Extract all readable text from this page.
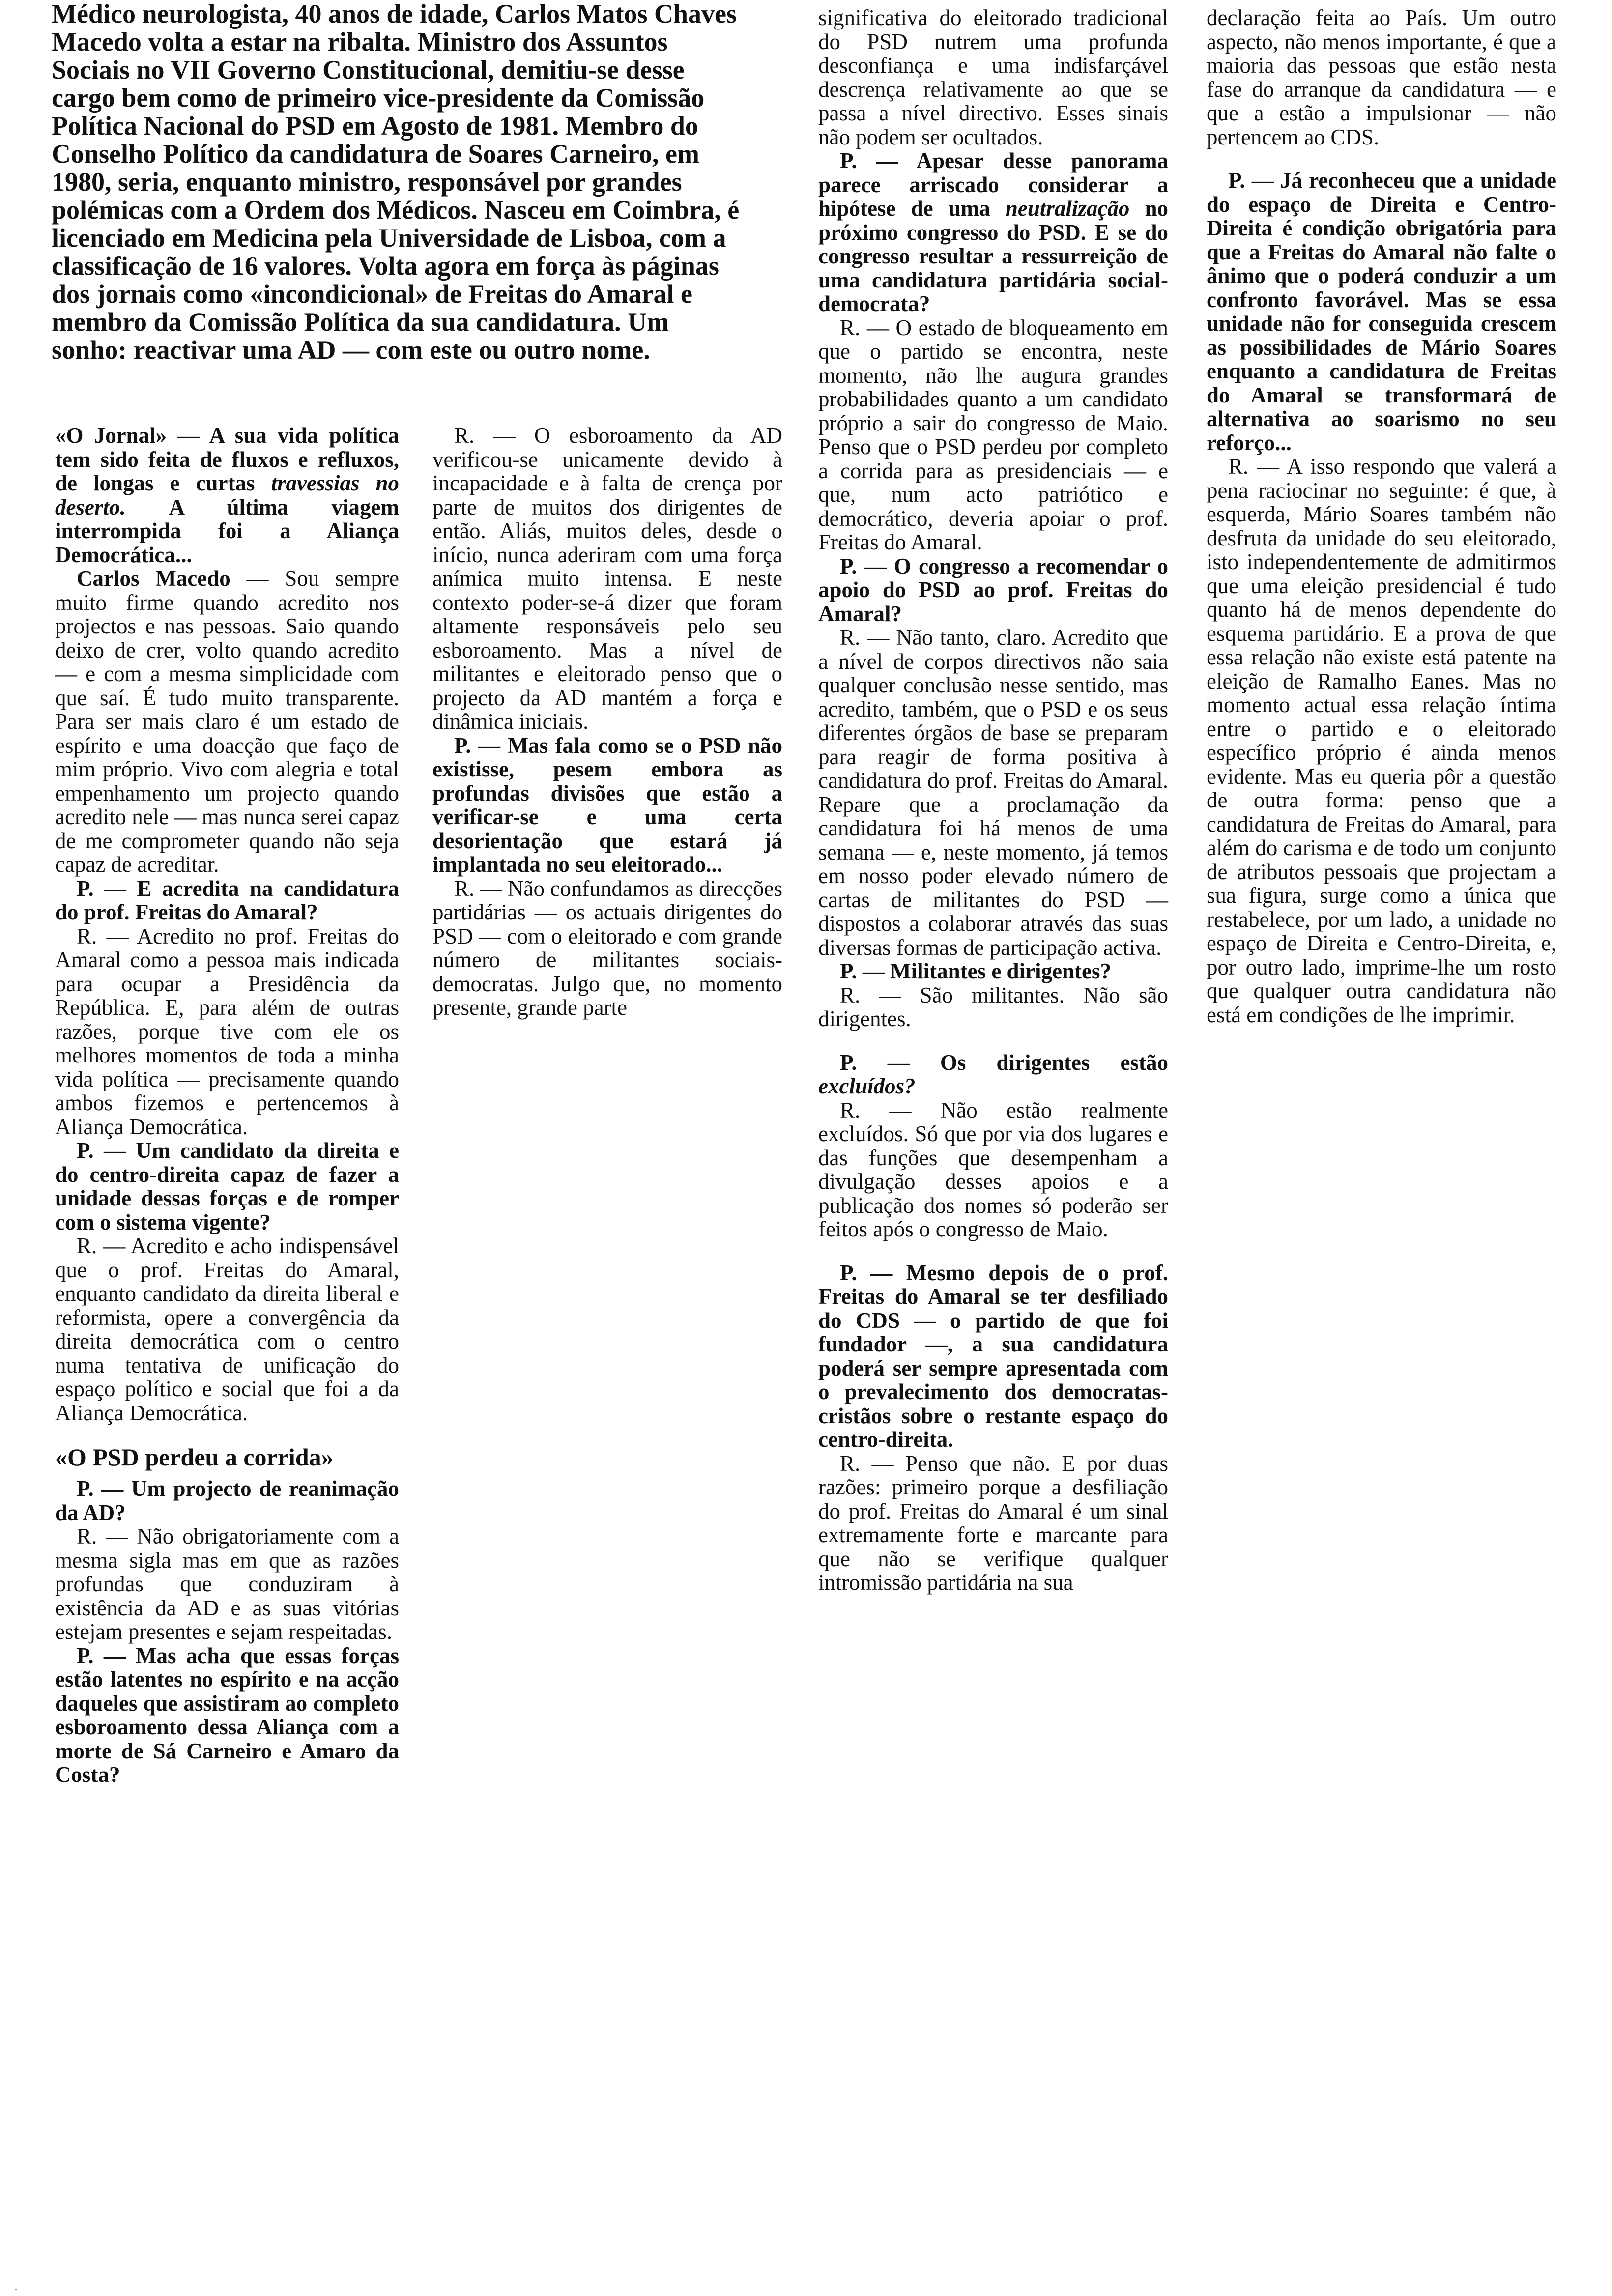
Médico neurologista, 40 anos de idade, Carlos Matos Chaves Macedo volta a estar na ribalta. Ministro dos Assuntos Sociais no VII Governo Constitucional, demitiu-se desse cargo bem como de primeiro vice-presidente da Comissão Política Nacional do PSD em Agosto de 1981. Membro do Conselho Político da candidatura de Soares Carneiro, em 1980, seria, enquanto ministro, responsável por grandes polémicas com a Ordem dos Médicos. Nasceu em Coimbra, é licenciado em Medicina pela Universidade de Lisboa, com a classificação de 16 valores. Volta agora em força às páginas dos jornais como «incondicional» de Freitas do Amaral e membro da Comissão Política da sua candidatura. Um sonho: reactivar uma AD — com este ou outro nome.

«O Jornal» — A sua vida política tem sido feita de fluxos e refluxos, de longas e curtas travessias no deserto. A última viagem interrompida foi a Aliança Democrática...

Carlos Macedo — Sou sempre muito firme quando acredito nos projectos e nas pessoas. Saio quando deixo de crer, volto quando acredito — e com a mesma simplicidade com que saí. É tudo muito transparente. Para ser mais claro é um estado de espírito e uma doacção que faço de mim próprio. Vivo com alegria e total empenhamento um projecto quando acredito nele — mas nunca serei capaz de me comprometer quando não seja capaz de acreditar.

P. — E acredita na candidatura do prof. Freitas do Amaral?

R. — Acredito no prof. Freitas do Amaral como a pessoa mais indicada para ocupar a Presidência da República. E, para além de outras razões, porque tive com ele os melhores momentos de toda a minha vida política — precisamente quando ambos fizemos e pertencemos à Aliança Democrática.

P. — Um candidato da direita e do centro-direita capaz de fazer a unidade dessas forças e de romper com o sistema vigente?

R. — Acredito e acho indispensável que o prof. Freitas do Amaral, enquanto candidato da direita liberal e reformista, opere a convergência da direita democrática com o centro numa tentativa de unificação do espaço político e social que foi a da Aliança Democrática.

«O PSD perdeu a corrida»

P. — Um projecto de reanimação da AD?

R. — Não obrigatoriamente com a mesma sigla mas em que as razões profundas que conduziram à existência da AD e as suas vitórias estejam presentes e sejam respeitadas.

P. — Mas acha que essas forças estão latentes no espírito e na acção daqueles que assistiram ao completo esboroamento dessa Aliança com a morte de Sá Carneiro e Amaro da Costa?

R. — O esboroamento da AD verificou-se unicamente devido à incapacidade e à falta de crença por parte de muitos dos dirigentes de então. Aliás, muitos deles, desde o início, nunca aderiram com uma força anímica muito intensa. E neste contexto poder-se-á dizer que foram altamente responsáveis pelo seu esboroamento. Mas a nível de militantes e eleitorado penso que o projecto da AD mantém a força e dinâmica iniciais.

P. — Mas fala como se o PSD não existisse, pesem embora as profundas divisões que estão a verificar-se e uma certa desorientação que estará já implantada no seu eleitorado...

R. — Não confundamos as direcções partidárias — os actuais dirigentes do PSD — com o eleitorado e com grande número de militantes sociais-democratas. Julgo que, no momento presente, grande parte

significativa do eleitorado tradicional do PSD nutrem uma profunda desconfiança e uma indisfarçável descrença relativamente ao que se passa a nível directivo. Esses sinais não podem ser ocultados.

P. — Apesar desse panorama parece arriscado considerar a hipótese de uma neutralização no próximo congresso do PSD. E se do congresso resultar a ressurreição de uma candidatura partidária social-democrata?

R. — O estado de bloqueamento em que o partido se encontra, neste momento, não lhe augura grandes probabilidades quanto a um candidato próprio a sair do congresso de Maio. Penso que o PSD perdeu por completo a corrida para as presidenciais — e que, num acto patriótico e democrático, deveria apoiar o prof. Freitas do Amaral.

P. — O congresso a recomendar o apoio do PSD ao prof. Freitas do Amaral?

R. — Não tanto, claro. Acredito que a nível de corpos directivos não saia qualquer conclusão nesse sentido, mas acredito, também, que o PSD e os seus diferentes órgãos de base se preparam para reagir de forma positiva à candidatura do prof. Freitas do Amaral. Repare que a proclamação da candidatura foi há menos de uma semana — e, neste momento, já temos em nosso poder elevado número de cartas de militantes do PSD — dispostos a colaborar através das suas diversas formas de participação activa.

P. — Militantes e dirigentes?

R. — São militantes. Não são dirigentes.

P. — Os dirigentes estão excluídos?

R. — Não estão realmente excluídos. Só que por via dos lugares e das funções que desempenham a divulgação desses apoios e a publicação dos nomes só poderão ser feitos após o congresso de Maio.

P. — Mesmo depois de o prof. Freitas do Amaral se ter desfiliado do CDS — o partido de que foi fundador —, a sua candidatura poderá ser sempre apresentada com o prevalecimento dos democratas-cristãos sobre o restante espaço do centro-direita.

R. — Penso que não. E por duas razões: primeiro porque a desfiliação do prof. Freitas do Amaral é um sinal extremamente forte e marcante para que não se verifique qualquer intromissão partidária na sua

declaração feita ao País. Um outro aspecto, não menos importante, é que a maioria das pessoas que estão nesta fase do arranque da candidatura — e que a estão a impulsionar — não pertencem ao CDS.

P. — Já reconheceu que a unidade do espaço de Direita e Centro-Direita é condição obrigatória para que a Freitas do Amaral não falte o ânimo que o poderá conduzir a um confronto favorável. Mas se essa unidade não for conseguida crescem as possibilidades de Mário Soares enquanto a candidatura de Freitas do Amaral se transformará de alternativa ao soarismo no seu reforço...

R. — A isso respondo que valerá a pena raciocinar no seguinte: é que, à esquerda, Mário Soares também não desfruta da unidade do seu eleitorado, isto independentemente de admitirmos que uma eleição presidencial é tudo quanto há de menos dependente do esquema partidário. E a prova de que essa relação não existe está patente na eleição de Ramalho Eanes. Mas no momento actual essa relação íntima entre o partido e o eleitorado específico próprio é ainda menos evidente. Mas eu queria pôr a questão de outra forma: penso que a candidatura de Freitas do Amaral, para além do carisma e de todo um conjunto de atributos pessoais que projectam a sua figura, surge como a única que restabelece, por um lado, a unidade no espaço de Direita e Centro-Direita, e, por outro lado, imprime-lhe um rosto que qualquer outra candidatura não está em condições de lhe imprimir.

—.—
